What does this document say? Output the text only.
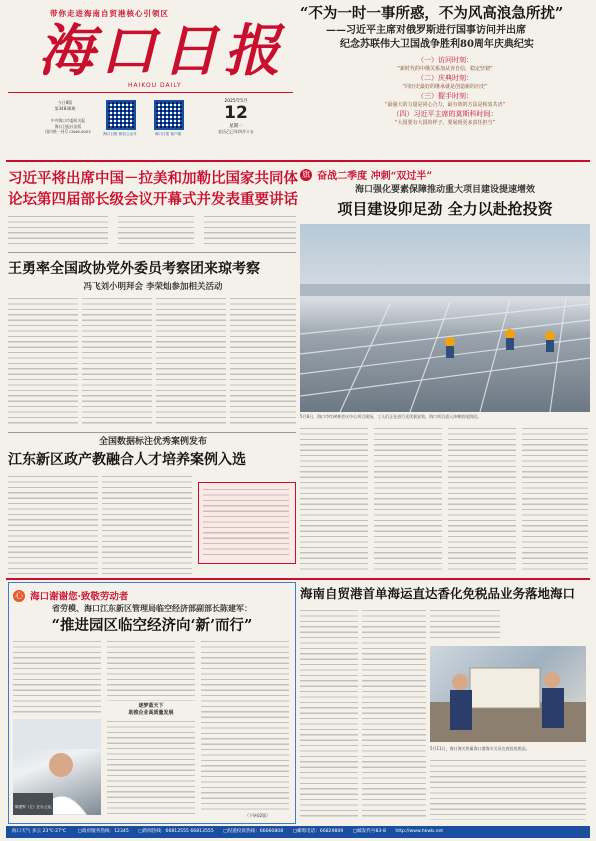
带你走进海南自贸港核心引领区
海口日报
HAIKOU DAILY
今日8版
第34836期
中共海口市委机关报
海口日报社出版
国内统一刊号 CN46-0003	海口日报 微信公众号	海口日报 客户端
2025年5月
12
星期一
农历乙巳年四月十五
“不为一时一事所惑，不为风高浪急所扰”
——习近平主席对俄罗斯进行国事访问并出席
纪念苏联伟大卫国战争胜利80周年庆典纪实
（一）访问时刻：
“新时代的中俄关系加从容自信，稳定坚韧”
（二）庆典时刻：
“同历史最好的继承就是创造新的历史”
（三）握手时刻：
“最强大的力量是同心合力，最有效的方法是和衷共济”
（四）习近平主席的莫斯科时间：
“大国要有大国的样子，要展现更多责任担当”
习近平将出席中国－拉美和加勒比国家共同体
论坛第四届部长级会议开幕式并发表重要讲话
王勇率全国政协党外委员考察团来琼考察
冯飞刘小明拜会 李荣灿参加相关活动
全国数据标注优秀案例发布
江东新区政产教融合人才培养案例入选
旗 奋战二季度 冲刺“双过半”
海口强化要素保障推动重大项目建设提速增效
项目建设卯足劲 全力以赴抢投资
5月8日，海口市红树林会议中心项目现场，工人们正在进行光伏板安装。海口项目进入冲刺收尾阶段。
心 海口谢谢您·致敬劳动者
省劳模、海口江东新区管理局临空经济部副部长陈建军：
“推进园区临空经济向‘新’而行”
逐梦蓝天下
助推企业高质量发展
（下转02版）
陈建军（左）在办公室。本报记者 摄
海南自贸港首单海运直达香化免税品业务落地海口
5月11日，海口海关所属海口港海关关员在查验免税品。
海口天气 多云 23℃-27℃ □政府服务热线：12345 □新闻热线：66812555 66813555 □投递投诉热线：66660808 □邮购电话：66829809 □邮发代号83-8 http://www.hkwb.net
